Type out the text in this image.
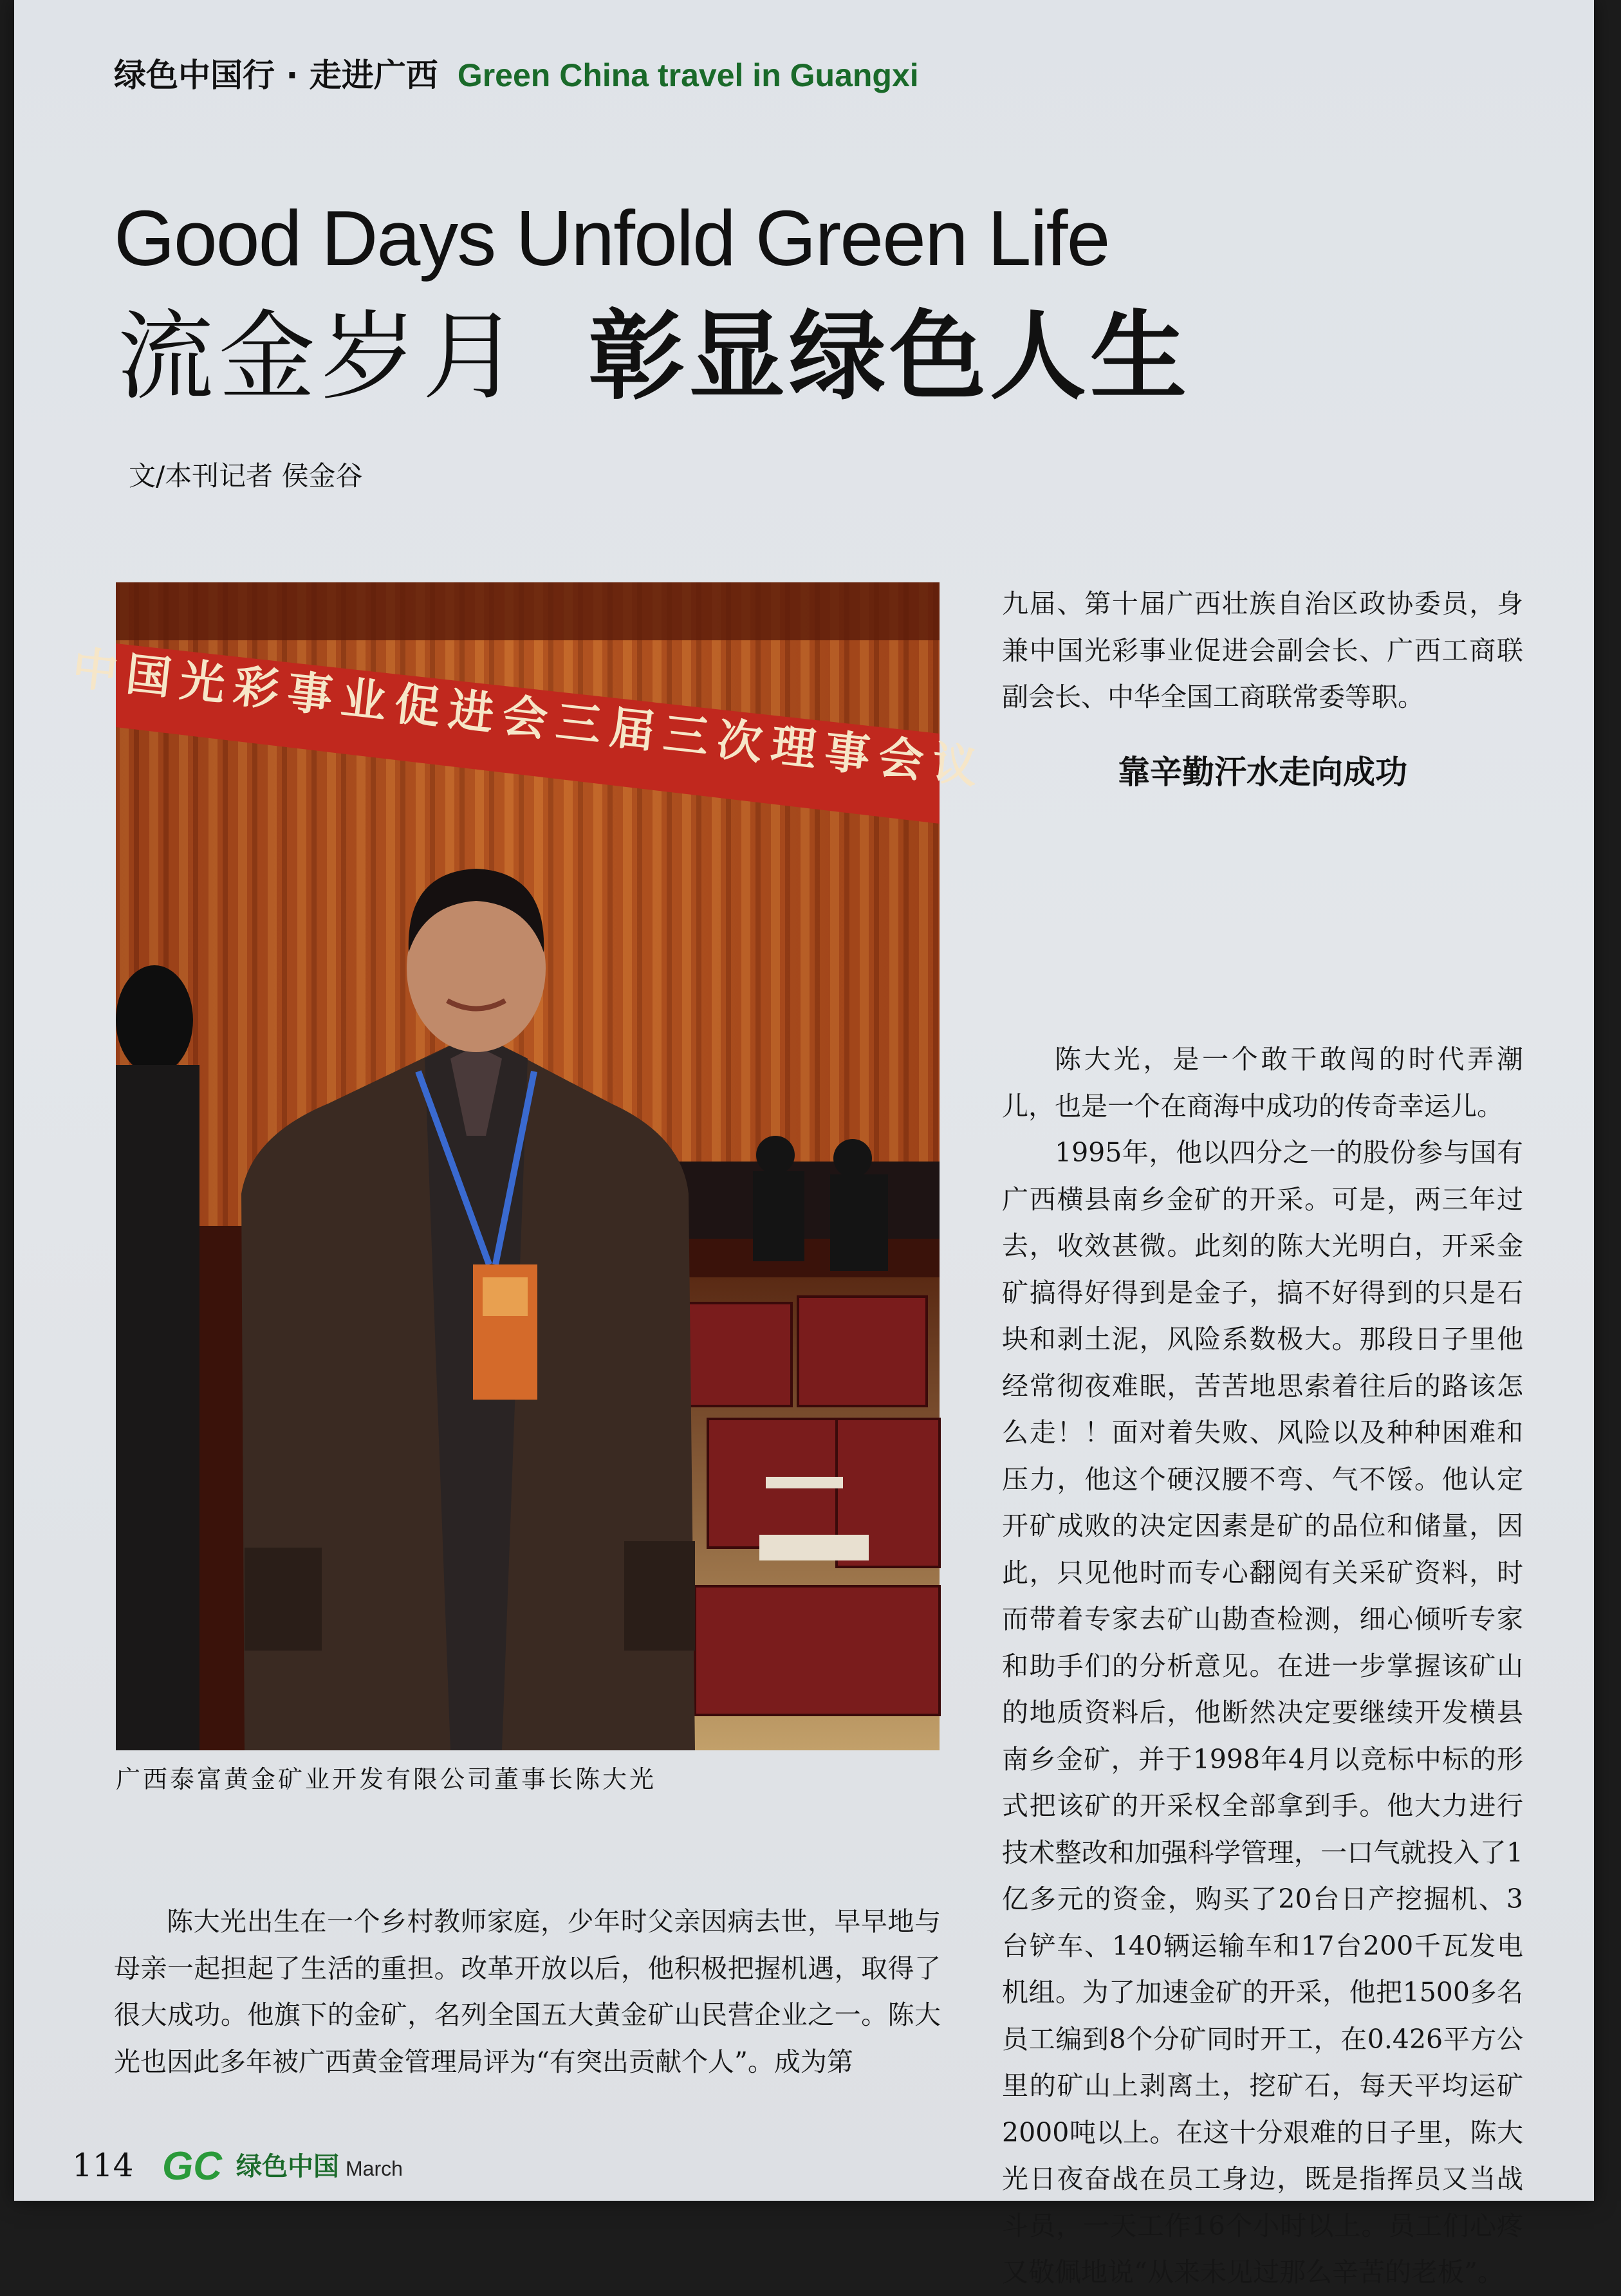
绿色中国行 · 走进广西 Green China travel in Guangxi
Good Days Unfold Green Life
流金岁月 彰显绿色人生
文/本刊记者 侯金谷
中国光彩事业促进会三届三次理事会议
广西泰富黄金矿业开发有限公司董事长陈大光

陈大光出生在一个乡村教师家庭，少年时父亲因病去世，早早地与母亲一起担起了生活的重担。改革开放以后，他积极把握机遇，取得了很大成功。他旗下的金矿，名列全国五大黄金矿山民营企业之一。陈大光也因此多年被广西黄金管理局评为“有突出贡献个人”。成为第

九届、第十届广西壮族自治区政协委员，身兼中国光彩事业促进会副会长、广西工商联副会长、中华全国工商联常委等职。

靠辛勤汗水走向成功

陈大光，是一个敢干敢闯的时代弄潮儿，也是一个在商海中成功的传奇幸运儿。

1995年，他以四分之一的股份参与国有广西横县南乡金矿的开采。可是，两三年过去，收效甚微。此刻的陈大光明白，开采金矿搞得好得到是金子，搞不好得到的只是石块和剥土泥，风险系数极大。那段日子里他经常彻夜难眠，苦苦地思索着往后的路该怎么走！！面对着失败、风险以及种种困难和压力，他这个硬汉腰不弯、气不馁。他认定开矿成败的决定因素是矿的品位和储量，因此，只见他时而专心翻阅有关采矿资料，时而带着专家去矿山勘查检测，细心倾听专家和助手们的分析意见。在进一步掌握该矿山的地质资料后，他断然决定要继续开发横县南乡金矿，并于1998年4月以竞标中标的形式把该矿的开采权全部拿到手。他大力进行技术整改和加强科学管理，一口气就投入了1亿多元的资金，购买了20台日产挖掘机、3台铲车、140辆运输车和17台200千瓦发电机组。为了加速金矿的开采，他把1500多名员工编到8个分矿同时开工，在0.426平方公里的矿山上剥离土，挖矿石，每天平均运矿2000吨以上。在这十分艰难的日子里，陈大光日夜奋战在员工身边，既是指挥员又当战斗员，一天工作16个小时以上。员工们心疼又敬佩地说“从来未见过那么辛苦的老板”。

114 GC 绿色中国 March
